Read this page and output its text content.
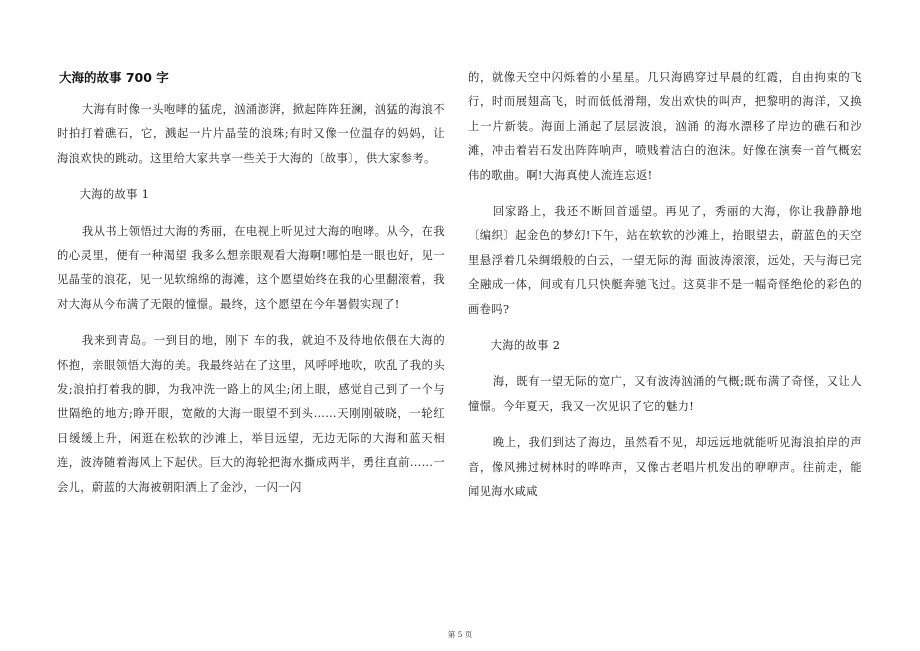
大海的故事 700 字

大海有时像一头咆哮的猛虎，汹涌澎湃，掀起阵阵狂澜，汹猛的海浪不时拍打着礁石，它，溅起一片片晶莹的浪珠;有时又像一位温存的妈妈，让海浪欢快的跳动。这里给大家共享一些关于大海的〔故事〕，供大家参考。

大海的故事 1

我从书上领悟过大海的秀丽，在电视上听见过大海的咆哮。从今，在我的心灵里，便有一种渴望 我多么想亲眼观看大海啊!哪怕是一眼也好，见一见晶莹的浪花，见一见软绵绵的海滩，这个愿望始终在我的心里翻滚着，我对大海从今布满了无限的憧憬。最终，这个愿望在今年暑假实现了!

我来到青岛。一到目的地，刚下 车的我，就迫不及待地依偎在大海的怀抱，亲眼领悟大海的美。我最终站在了这里，风呼呼地吹，吹乱了我的头发;浪拍打着我的脚，为我冲洗一路上的风尘;闭上眼，感觉自己到了一个与世隔绝的地方;睁开眼，宽敞的大海一眼望不到头……天刚刚破晓，一轮红日缓缓上升，闲逛在松软的沙滩上，举目远望，无边无际的大海和蓝天相连，波涛随着海风上下起伏。巨大的海轮把海水撕成两半，勇往直前……一会儿，蔚蓝的大海被朝阳洒上了金沙，一闪一闪

的，就像天空中闪烁着的小星星。几只海鸥穿过早晨的红霞，自由拘束的飞行，时而展翅高飞，时而低低滑翔，发出欢快的叫声，把黎明的海洋，又换上一片新装。海面上涌起了层层波浪，汹涌 的海水漂移了岸边的礁石和沙滩，冲击着岩石发出阵阵响声，喷贱着洁白的泡沫。好像在演奏一首气概宏伟的歌曲。啊!大海真使人流连忘返!

回家路上，我还不断回首遥望。再见了，秀丽的大海，你让我静静地〔编织〕起金色的梦幻!下午，站在软软的沙滩上，抬眼望去，蔚蓝色的天空里悬浮着几朵绸缎般的白云，一望无际的海 面波涛滚滚，远处，天与海已完全融成一体，间或有几只快艇奔驰飞过。这莫非不是一幅奇怪绝伦的彩色的画卷吗?

大海的故事 2

海，既有一望无际的宽广，又有波涛汹涌的气概;既布满了奇怪，又让人憧憬。今年夏天，我又一次见识了它的魅力!

晚上，我们到达了海边，虽然看不见，却远远地就能听见海浪拍岸的声音，像风拂过树林时的哗哗声，又像古老唱片机发出的咿咿声。往前走，能闻见海水咸咸

第 5 页
